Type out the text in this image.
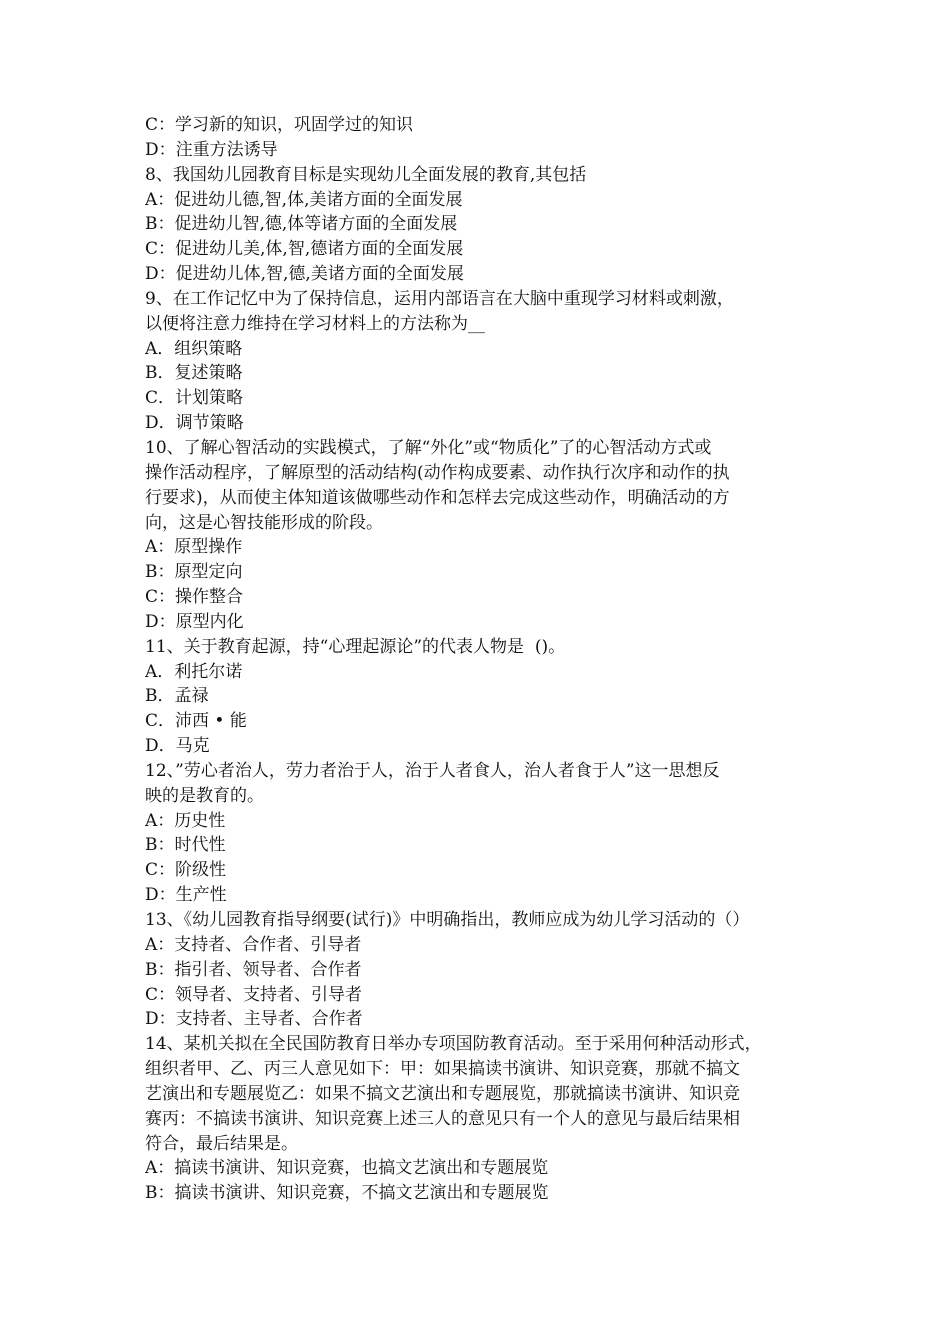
C：学习新的知识，巩固学过的知识
D：注重方法诱导
8、我国幼儿园教育目标是实现幼儿全面发展的教育,其包括
A：促进幼儿德,智,体,美诸方面的全面发展
B：促进幼儿智,德,体等诸方面的全面发展
C：促进幼儿美,体,智,德诸方面的全面发展
D：促进幼儿体,智,德,美诸方面的全面发展
9、在工作记忆中为了保持信息，运用内部语言在大脑中重现学习材料或刺激，
以便将注意力维持在学习材料上的方法称为__
A．组织策略
B．复述策略
C．计划策略
D．调节策略
10、了解心智活动的实践模式，了解“外化”或“物质化”了的心智活动方式或
操作活动程序，了解原型的活动结构(动作构成要素、动作执行次序和动作的执
行要求)，从而使主体知道该做哪些动作和怎样去完成这些动作，明确活动的方
向，这是心智技能形成的阶段。
A：原型操作
B：原型定向
C：操作整合
D：原型内化
11、关于教育起源，持“心理起源论”的代表人物是  ()。
A．利托尔诺
B．孟禄
C．沛西 • 能
D．马克
12、”劳心者治人，劳力者治于人，治于人者食人，治人者食于人”这一思想反
映的是教育的。
A：历史性
B：时代性
C：阶级性
D：生产性
13、《幼儿园教育指导纲要(试行)》中明确指出，教师应成为幼儿学习活动的（）
A：支持者、合作者、引导者
B：指引者、领导者、合作者
C：领导者、支持者、引导者
D：支持者、主导者、合作者
14、某机关拟在全民国防教育日举办专项国防教育活动。至于采用何种活动形式，
组织者甲、乙、丙三人意见如下：甲：如果搞读书演讲、知识竞赛，那就不搞文
艺演出和专题展览乙：如果不搞文艺演出和专题展览，那就搞读书演讲、知识竞
赛丙：不搞读书演讲、知识竞赛上述三人的意见只有一个人的意见与最后结果相
符合，最后结果是。
A：搞读书演讲、知识竞赛，也搞文艺演出和专题展览
B：搞读书演讲、知识竞赛，不搞文艺演出和专题展览
